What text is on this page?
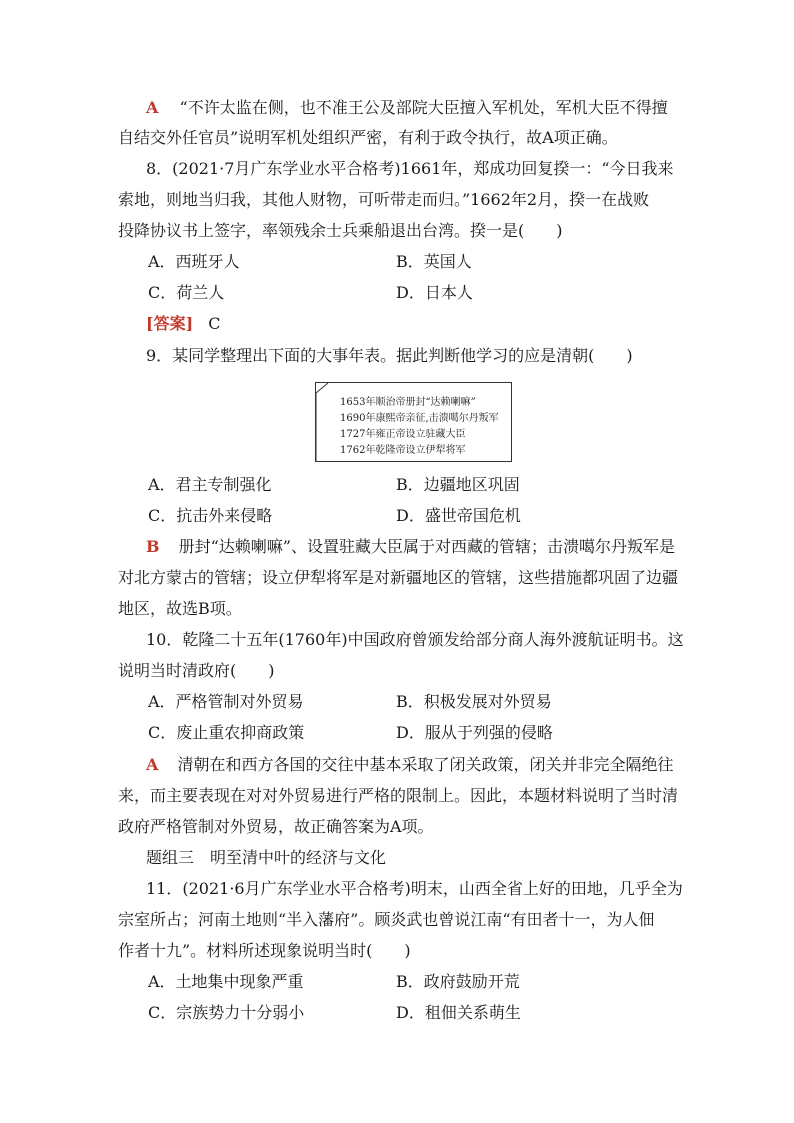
A “不许太监在侧，也不准王公及部院大臣擅入军机处，军机大臣不得擅
自结交外任官员”说明军机处组织严密，有利于政令执行，故A项正确。
8．(2021·7月广东学业水平合格考)1661年，郑成功回复揆一：“今日我来
索地，则地当归我，其他人财物，可听带走而归。”1662年2月，揆一在战败
投降协议书上签字，率领残余士兵乘船退出台湾。揆一是(　　)
A．西班牙人	B．英国人
C．荷兰人	D．日本人
[答案] C
9．某同学整理出下面的大事年表。据此判断他学习的应是清朝(　　)
1653年顺治帝册封“达赖喇嘛”
1690年康熙帝亲征,击溃噶尔丹叛军
1727年雍正帝设立驻藏大臣
1762年乾隆帝设立伊犁将军
A．君主专制强化	B．边疆地区巩固
C．抗击外来侵略	D．盛世帝国危机
B 册封“达赖喇嘛”、设置驻藏大臣属于对西藏的管辖；击溃噶尔丹叛军是
对北方蒙古的管辖；设立伊犁将军是对新疆地区的管辖，这些措施都巩固了边疆
地区，故选B项。
10．乾隆二十五年(1760年)中国政府曾颁发给部分商人海外渡航证明书。这
说明当时清政府(　　)
A．严格管制对外贸易	B．积极发展对外贸易
C．废止重农抑商政策	D．服从于列强的侵略
A 清朝在和西方各国的交往中基本采取了闭关政策，闭关并非完全隔绝往
来，而主要表现在对对外贸易进行严格的限制上。因此，本题材料说明了当时清
政府严格管制对外贸易，故正确答案为A项。
题组三　明至清中叶的经济与文化
11．(2021·6月广东学业水平合格考)明末，山西全省上好的田地，几乎全为
宗室所占；河南土地则“半入藩府”。顾炎武也曾说江南“有田者十一，为人佃
作者十九”。材料所述现象说明当时(　　)
A．土地集中现象严重	B．政府鼓励开荒
C．宗族势力十分弱小	D．租佃关系萌生
